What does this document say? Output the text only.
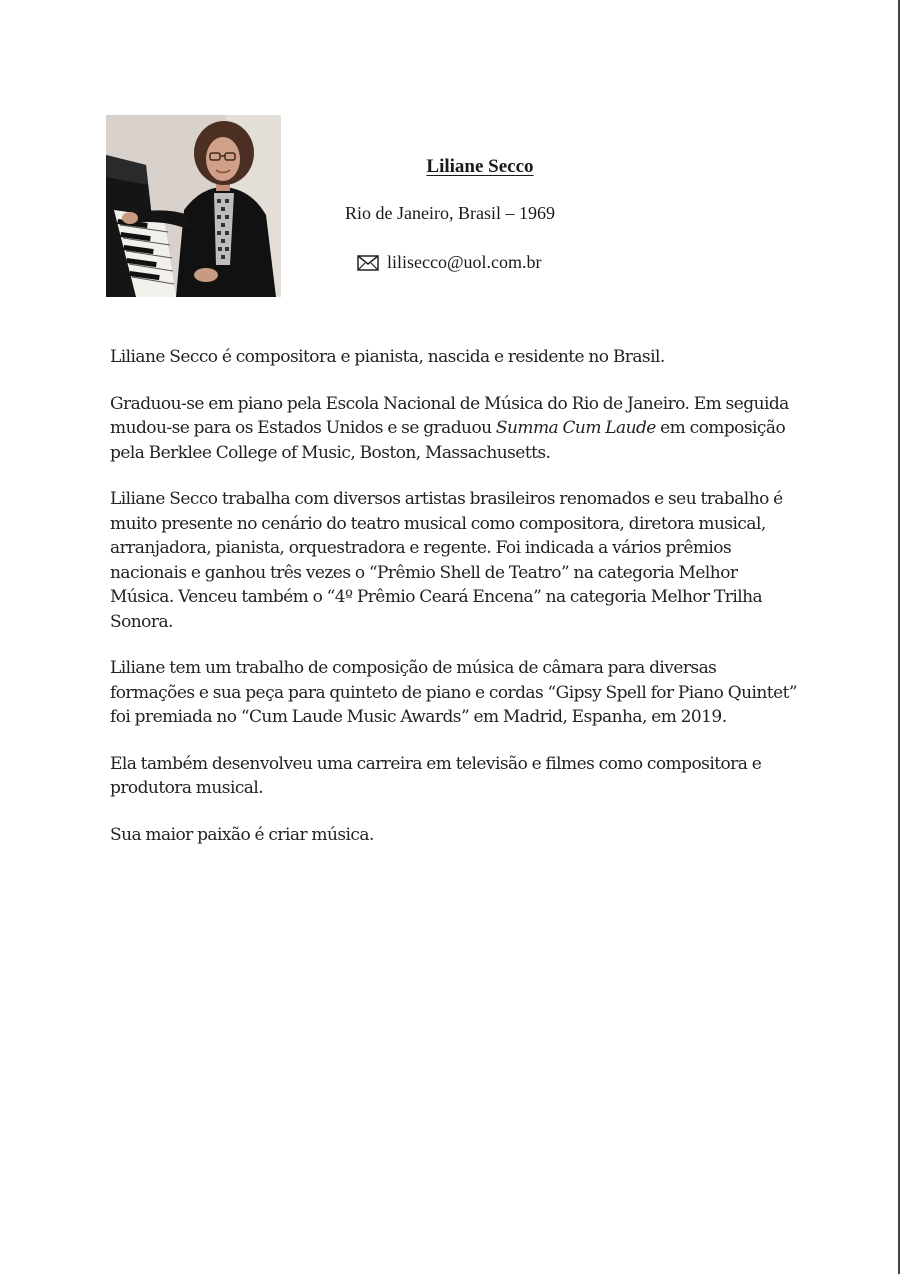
Liliane Secco
Rio de Janeiro, Brasil – 1969
lilisecco@uol.com.br

Liliane Secco é compositora e pianista, nascida e residente no Brasil.

Graduou-se em piano pela Escola Nacional de Música do Rio de Janeiro. Em seguida mudou-se para os Estados Unidos e se graduou Summa Cum Laude em composição pela Berklee College of Music, Boston, Massachusetts.

Liliane Secco trabalha com diversos artistas brasileiros renomados e seu trabalho é muito presente no cenário do teatro musical como compositora, diretora musical, arranjadora, pianista, orquestradora e regente. Foi indicada a vários prêmios nacionais e ganhou três vezes o “Prêmio Shell de Teatro” na categoria Melhor Música. Venceu também o “4º Prêmio Ceará Encena” na categoria Melhor Trilha Sonora.

Liliane tem um trabalho de composição de música de câmara para diversas formações e sua peça para quinteto de piano e cordas “Gipsy Spell for Piano Quintet” foi premiada no “Cum Laude Music Awards” em Madrid, Espanha, em 2019.

Ela também desenvolveu uma carreira em televisão e filmes como compositora e produtora musical.

Sua maior paixão é criar música.
